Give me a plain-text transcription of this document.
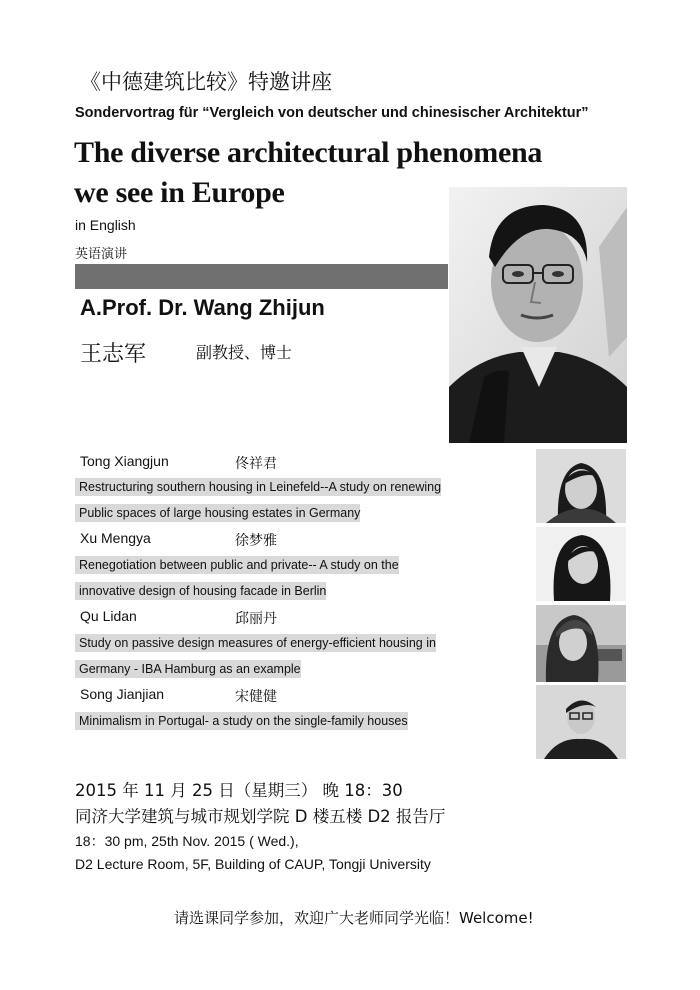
《中德建筑比较》特邀讲座
Sondervortrag für “Vergleich von deutscher und chinesischer Architektur”
The diverse architectural phenomena
we see in Europe
in English
英语演讲
A.Prof. Dr. Wang Zhijun
王志军	副教授、博士
Tong Xiangjun	佟祥君
Restructuring southern housing in Leinefeld--A study on renewing
Public spaces of large housing estates in Germany
Xu Mengya	徐梦雅
Renegotiation between public and private-- A study on the
innovative design of housing facade in Berlin
Qu Lidan	邱丽丹
Study on passive design measures of energy-efficient housing in
Germany - IBA Hamburg as an example
Song Jianjian	宋健健
Minimalism in Portugal- a study on the single-family houses
2015 年 11 月 25 日（星期三） 晚 18：30
同济大学建筑与城市规划学院 D 楼五楼 D2 报告厅
18：30 pm, 25th Nov. 2015 ( Wed.),
D2 Lecture Room, 5F, Building of CAUP, Tongji University
请选课同学参加，欢迎广大老师同学光临！Welcome!
